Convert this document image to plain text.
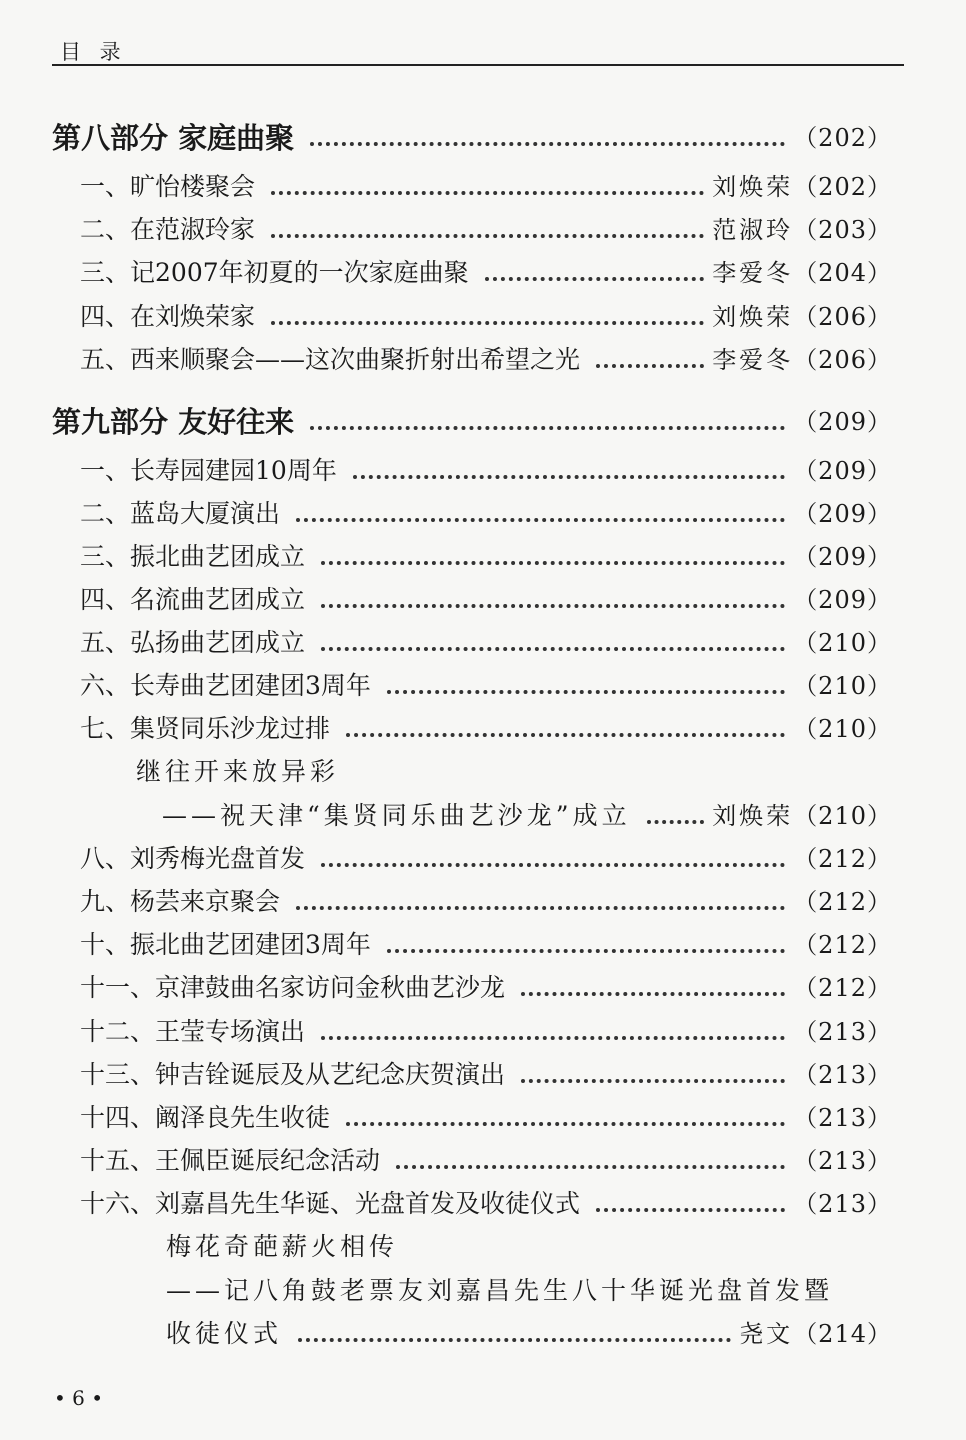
目 录
第八部分 家庭曲聚	（202）
一、 旷怡楼聚会	刘焕荣 （202）
二、 在范淑玲家	范淑玲 （203）
三、 记2007年初夏的一次家庭曲聚	李爱冬 （204）
四、 在刘焕荣家	刘焕荣 （206）
五、 西来顺聚会——这次曲聚折射出希望之光	李爱冬 （206）
第九部分 友好往来	（209）
一、 长寿园建园10周年	（209）
二、 蓝岛大厦演出	（209）
三、 振北曲艺团成立	（209）
四、 名流曲艺团成立	（209）
五、 弘扬曲艺团成立	（210）
六、 长寿曲艺团建团3周年	（210）
七、 集贤同乐沙龙过排	（210）
继往开来放异彩
——祝天津“集贤同乐曲艺沙龙”成立	刘焕荣 （210）
八、 刘秀梅光盘首发	（212）
九、 杨芸来京聚会	（212）
十、 振北曲艺团建团3周年	（212）
十一、 京津鼓曲名家访问金秋曲艺沙龙	（212）
十二、 王莹专场演出	（213）
十三、 钟吉铨诞辰及从艺纪念庆贺演出	（213）
十四、 阚泽良先生收徒	（213）
十五、 王佩臣诞辰纪念活动	（213）
十六、 刘嘉昌先生华诞、光盘首发及收徒仪式	（213）
梅花奇葩薪火相传
——记八角鼓老票友刘嘉昌先生八十华诞光盘首发暨
收徒仪式	尧文 （214）
• 6 •
